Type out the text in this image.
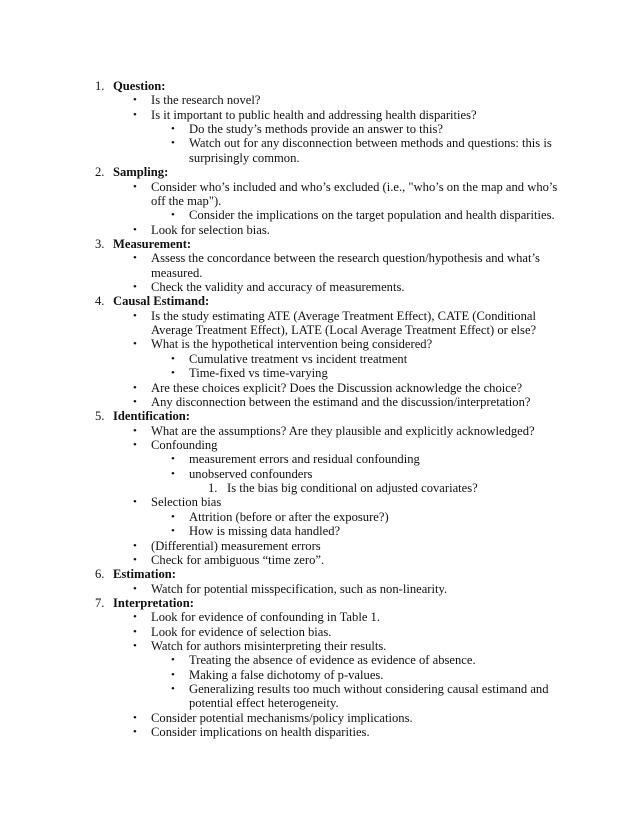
1. Question:
• Is the research novel?
• Is it important to public health and addressing health disparities?
• Do the study’s methods provide an answer to this?
• Watch out for any disconnection between methods and questions: this is surprisingly common.
2. Sampling:
• Consider who’s included and who’s excluded (i.e., "who’s on the map and who’s off the map").
• Consider the implications on the target population and health disparities.
• Look for selection bias.
3. Measurement:
• Assess the concordance between the research question/hypothesis and what’s measured.
• Check the validity and accuracy of measurements.
4. Causal Estimand:
• Is the study estimating ATE (Average Treatment Effect), CATE (Conditional Average Treatment Effect), LATE (Local Average Treatment Effect) or else?
• What is the hypothetical intervention being considered?
• Cumulative treatment vs incident treatment
• Time-fixed vs time-varying
• Are these choices explicit? Does the Discussion acknowledge the choice?
• Any disconnection between the estimand and the discussion/interpretation?
5. Identification:
• What are the assumptions? Are they plausible and explicitly acknowledged?
• Confounding
• measurement errors and residual confounding
• unobserved confounders
1. Is the bias big conditional on adjusted covariates?
• Selection bias
• Attrition (before or after the exposure?)
• How is missing data handled?
• (Differential) measurement errors
• Check for ambiguous “time zero”.
6. Estimation:
• Watch for potential misspecification, such as non-linearity.
7. Interpretation:
• Look for evidence of confounding in Table 1.
• Look for evidence of selection bias.
• Watch for authors misinterpreting their results.
• Treating the absence of evidence as evidence of absence.
• Making a false dichotomy of p-values.
• Generalizing results too much without considering causal estimand and potential effect heterogeneity.
• Consider potential mechanisms/policy implications.
• Consider implications on health disparities.
